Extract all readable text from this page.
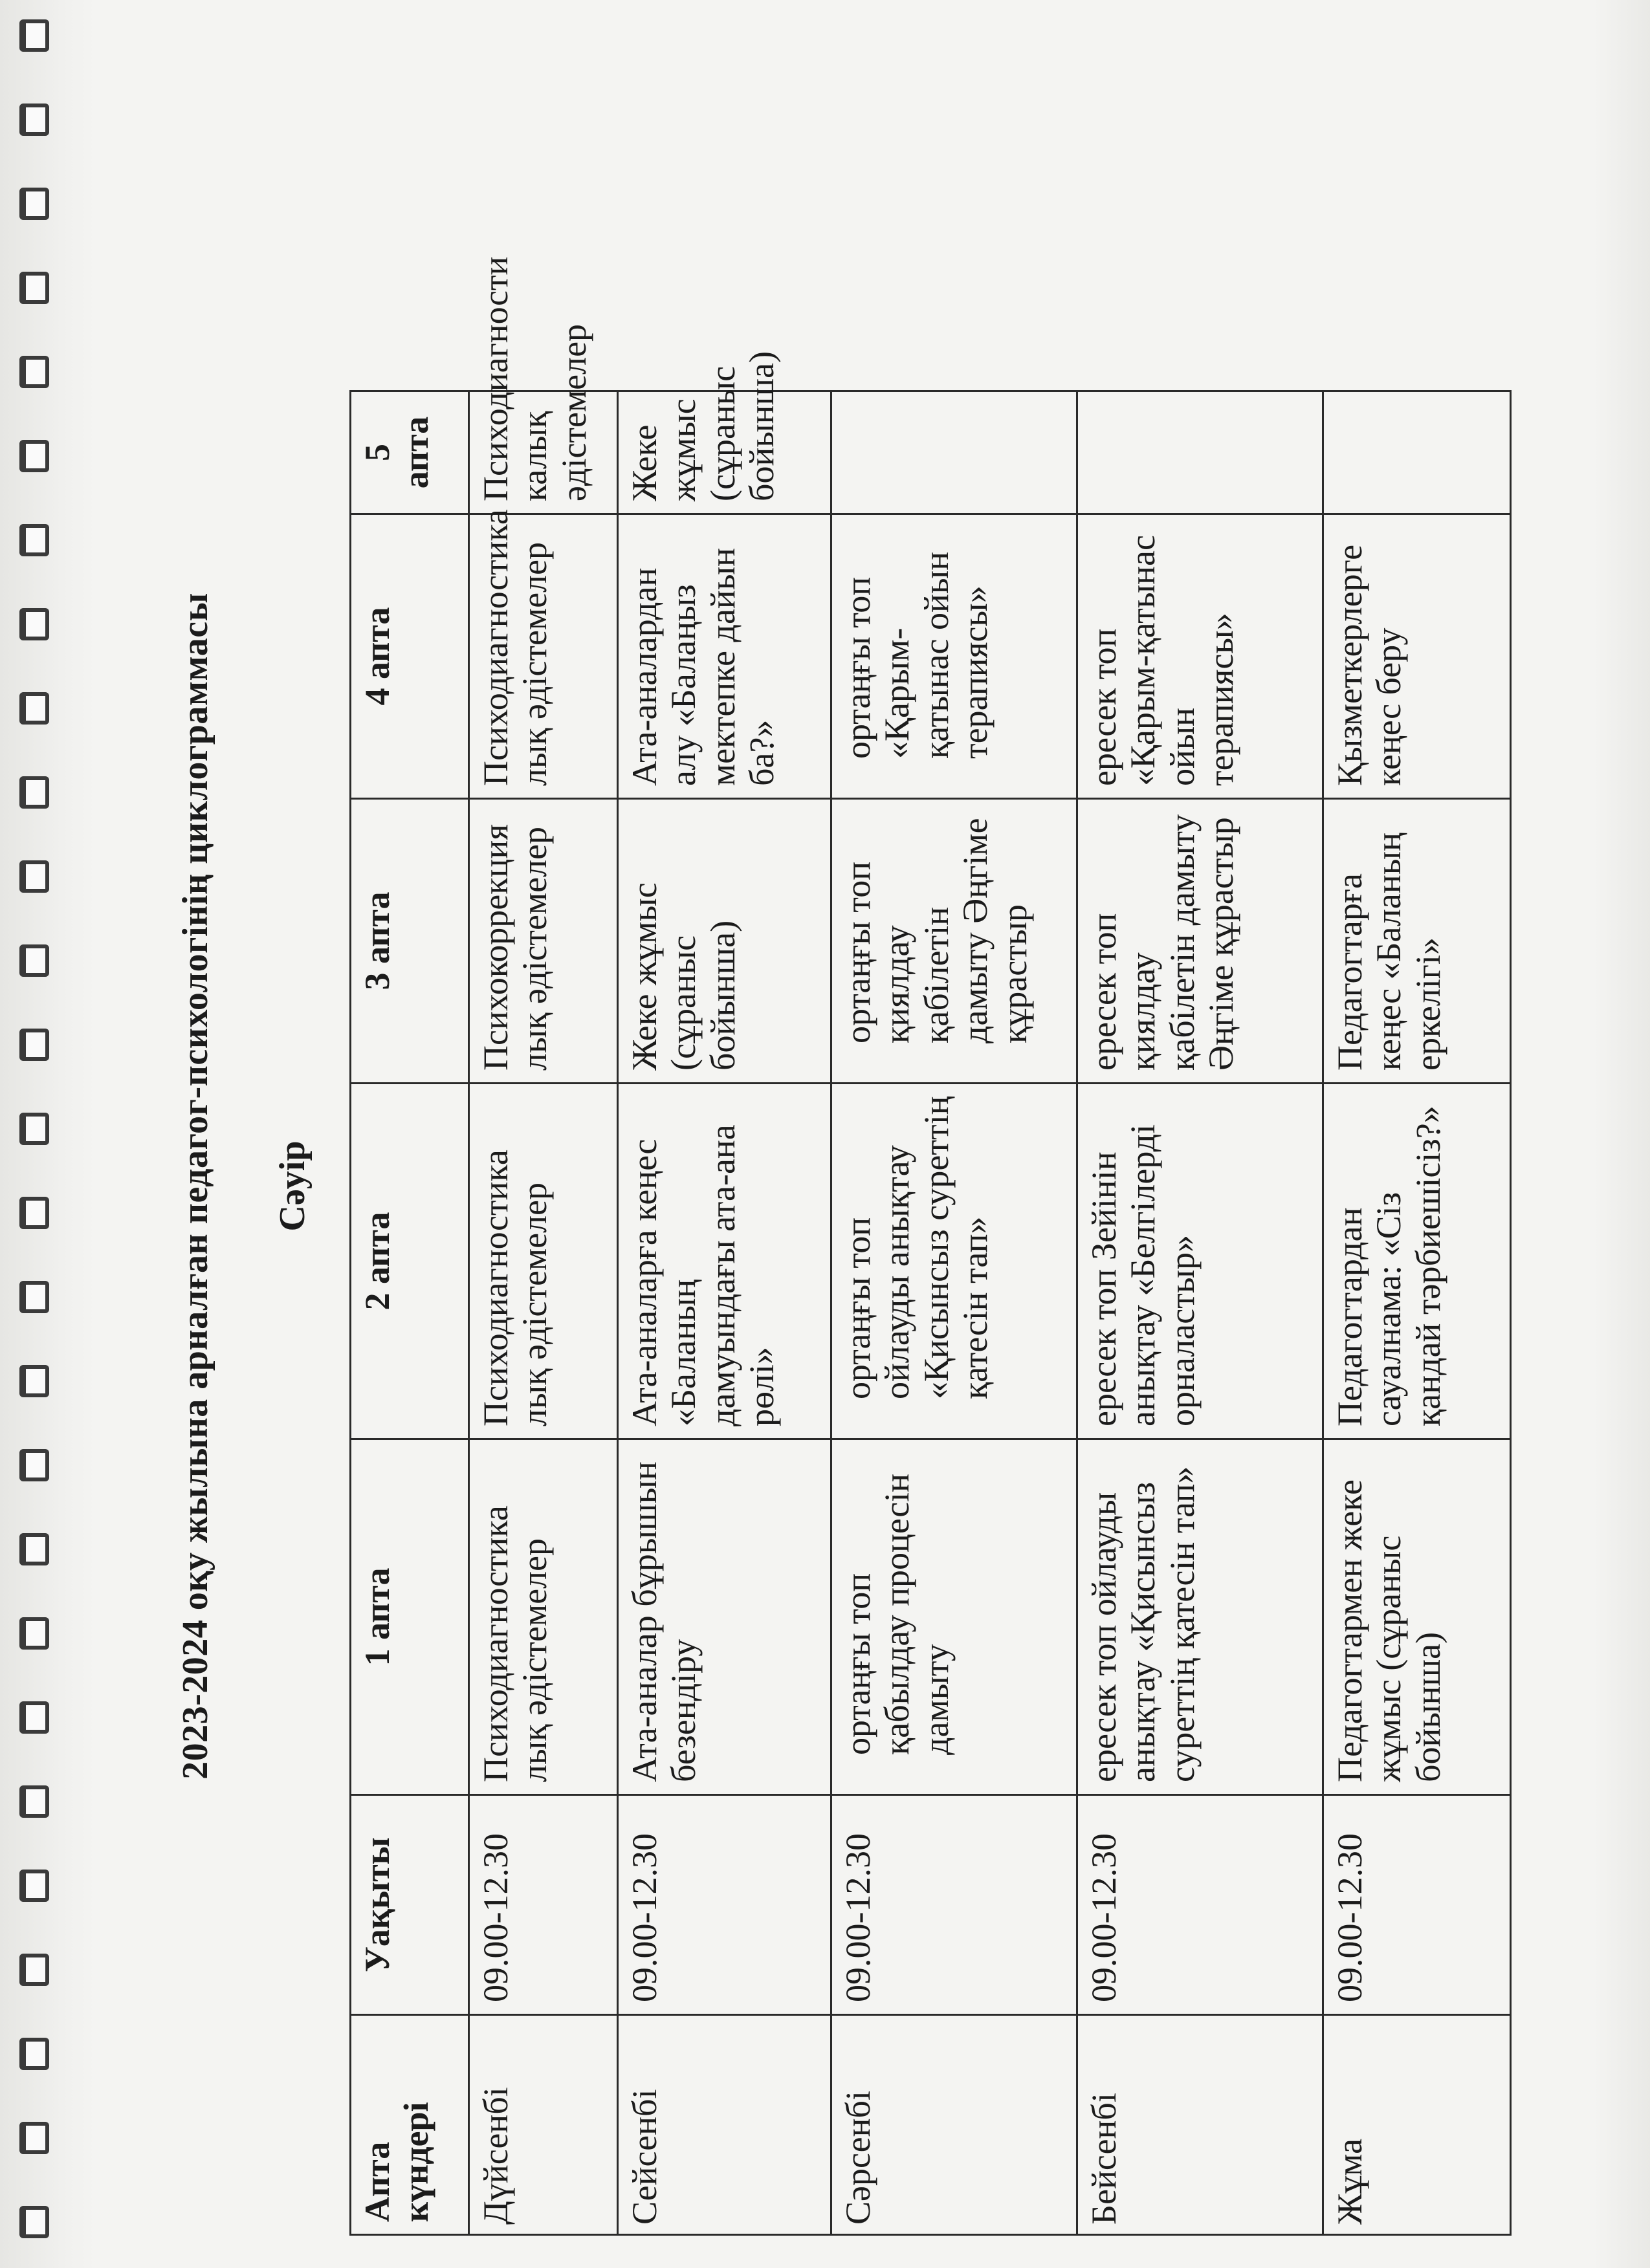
2023-2024 оқу жылына арналған педагог-психологінің циклограммасы Сәуір
Апта күндері	Уақыты	1 апта	2 апта	3 апта	4 апта	5 апта
Дүйсенбі	09.00-12.30	Психодиагностика лық әдістемелер	Психодиагностика лық әдістемелер	Психокоррекция лық әдістемелер	Психодиагностика лық әдістемелер	Психодиагности калық әдістемелер
Сейсенбі	09.00-12.30	Ата-аналар бұрышын безендіру	Ата-аналарға кеңес «Баланың дамуындағы ата-ана рөлі»	Жеке жұмыс (сұраныс бойынша)	Ата-аналардан алу «Балаңыз мектепке дайын ба?»	Жеке жұмыс (сұраныс бойынша)
Сәрсенбі	09.00-12.30	ортаңғы топ қабылдау процесін дамыту	ортаңғы топ ойлауды анықтау «Қисынсыз суреттің қатесін тап»	ортаңғы топ қиялдау қабілетін дамыту Әңгіме құрастыр	ортаңғы топ «Қарым-қатынас ойын терапиясы»	
Бейсенбі	09.00-12.30	ересек топ ойлауды анықтау «Қисынсыз суреттің қатесін тап»	ересек топ Зейінін анықтау «Белгілерді орналастыр»	ересек топ қиялдау қабілетін дамыту Әңгіме құрастыр	ересек топ «Қарым-қатынас ойын терапиясы»	
Жұма	09.00-12.30	Педагогтармен жеке жұмыс (сұраныс бойынша)	Педагогтардан сауалнама: «Сіз қандай тәрбиешісіз?»	Педагогтарға кеңес «Баланың еркелігі»	Қызметкерлерге кеңес беру	
